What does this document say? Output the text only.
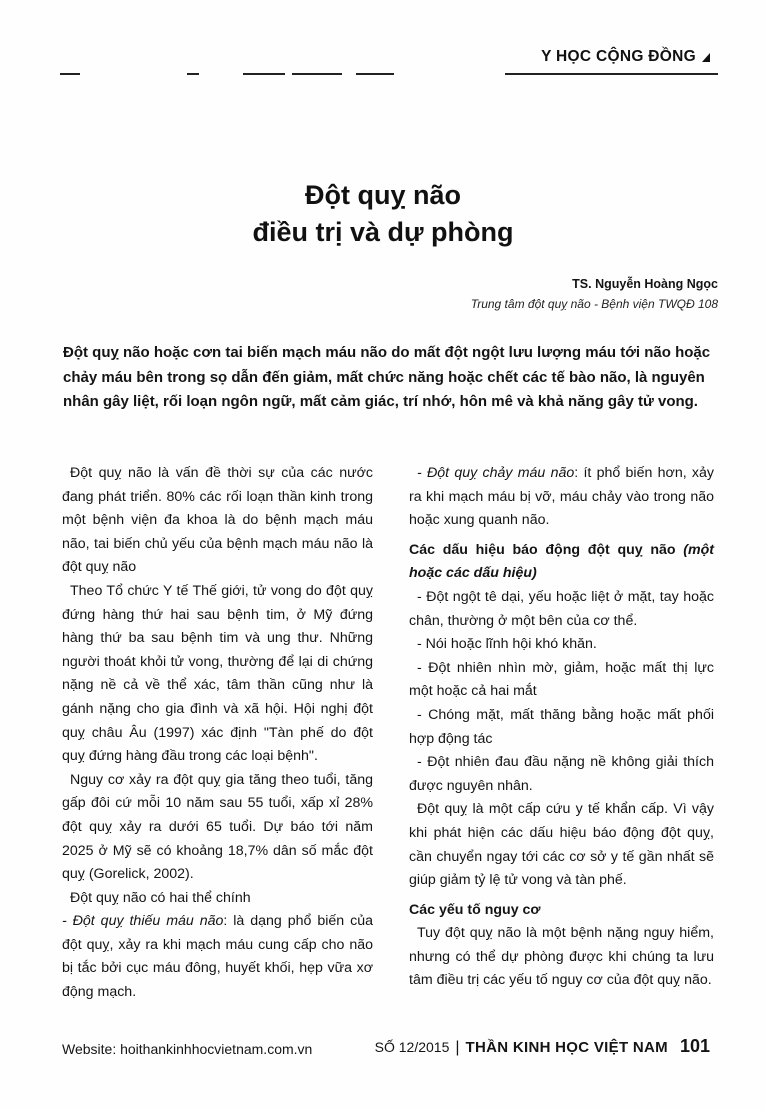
Y HỌC CỘNG ĐỒNG
Đột quỵ não
điều trị và dự phòng
TS. Nguyễn Hoàng Ngọc
Trung tâm đột quỵ não - Bệnh viện TWQĐ 108

Đột quỵ não hoặc cơn tai biến mạch máu não do mất đột ngột lưu lượng máu tới não hoặc chảy máu bên trong sọ dẫn đến giảm, mất chức năng hoặc chết các tế bào não, là nguyên nhân gây liệt, rối loạn ngôn ngữ, mất cảm giác, trí nhớ, hôn mê và khả năng gây tử vong.

Đột quỵ não là vấn đề thời sự của các nước đang phát triển. 80% các rối loạn thần kinh trong một bệnh viện đa khoa là do bệnh mạch máu não, tai biến chủ yếu của bệnh mạch máu não là đột quỵ não

Theo Tổ chức Y tế Thế giới, tử vong do đột quỵ đứng hàng thứ hai sau bệnh tim, ở Mỹ đứng hàng thứ ba sau bệnh tim và ung thư. Những người thoát khỏi tử vong, thường để lại di chứng nặng nề cả về thể xác, tâm thần cũng như là gánh nặng cho gia đình và xã hội. Hội nghị đột quỵ châu Âu (1997) xác định "Tàn phế do đột quỵ đứng hàng đầu trong các loại bệnh".

Nguy cơ xảy ra đột quỵ gia tăng theo tuổi, tăng gấp đôi cứ mỗi 10 năm sau 55 tuổi, xấp xỉ 28% đột quỵ xảy ra dưới 65 tuổi. Dự báo tới năm 2025 ở Mỹ sẽ có khoảng 18,7% dân số mắc đột quỵ (Gorelick, 2002).

Đột quỵ não có hai thể chính

- Đột quỵ thiếu máu não: là dạng phổ biến của đột quỵ, xảy ra khi mạch máu cung cấp cho não bị tắc bởi cục máu đông, huyết khối, hẹp vữa xơ động mạch.

- Đột quỵ chảy máu não: ít phổ biến hơn, xảy ra khi mạch máu bị vỡ, máu chảy vào trong não hoặc xung quanh não.

Các dấu hiệu báo động đột quỵ não (một hoặc các dấu hiệu)

- Đột ngột tê dại, yếu hoặc liệt ở mặt, tay hoặc chân, thường ở một bên của cơ thể.

- Nói hoặc lĩnh hội khó khăn.

- Đột nhiên nhìn mờ, giảm, hoặc mất thị lực một hoặc cả hai mắt

- Chóng mặt, mất thăng bằng hoặc mất phối hợp động tác

- Đột nhiên đau đầu nặng nề không giải thích được nguyên nhân.

Đột quỵ là một cấp cứu y tế khẩn cấp. Vì vậy khi phát hiện các dấu hiệu báo động đột quỵ, cần chuyển ngay tới các cơ sở y tế gần nhất sẽ giúp giảm tỷ lệ tử vong và tàn phế.

Các yếu tố nguy cơ

Tuy đột quỵ não là một bệnh nặng nguy hiểm, nhưng có thể dự phòng được khi chúng ta lưu tâm điều trị các yếu tố nguy cơ của đột quỵ não.

Website: hoithankinhhocvietnam.com.vn	SỐ 12/2015 | THẦN KINH HỌC VIỆT NAM 101
